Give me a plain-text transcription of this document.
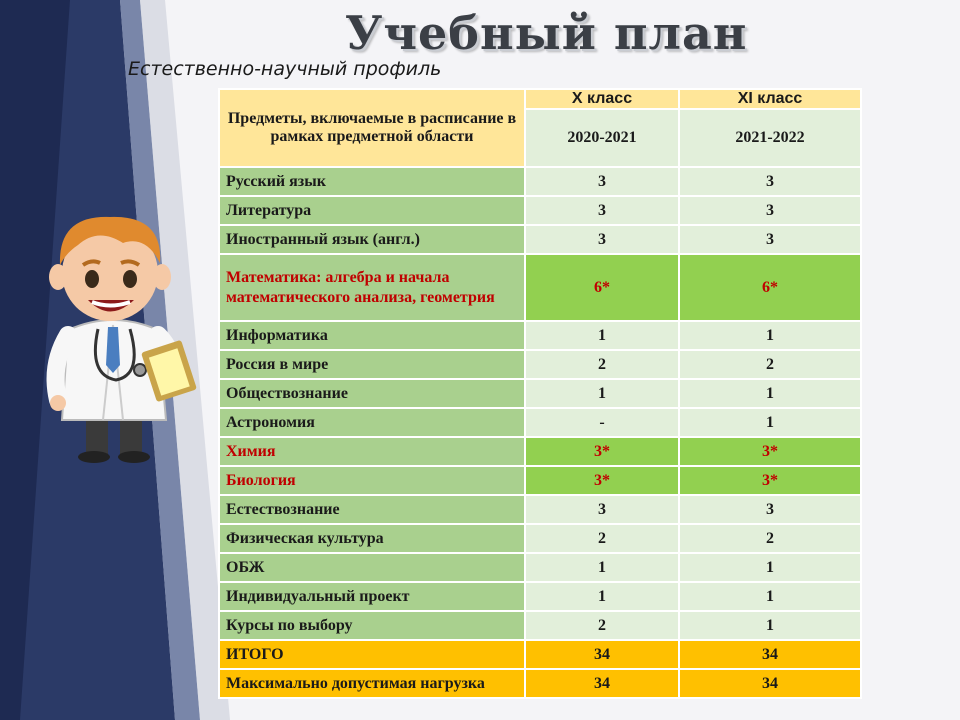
Учебный план
Естественно-научный профиль
Предметы, включаемые в расписание в рамках предметной области	X класс	XI класс
	2020-2021	2021-2022
Русский язык	3	3
Литература	3	3
Иностранный язык (англ.)	3	3
Математика: алгебра и начала математического анализа, геометрия	6*	6*
Информатика	1	1
Россия в мире	2	2
Обществознание	1	1
Астрономия	-	1
Химия	3*	3*
Биология	3*	3*
Естествознание	3	3
Физическая культура	2	2
ОБЖ	1	1
Индивидуальный проект	1	1
Курсы по выбору	2	1
ИТОГО	34	34
Максимально допустимая нагрузка	34	34
